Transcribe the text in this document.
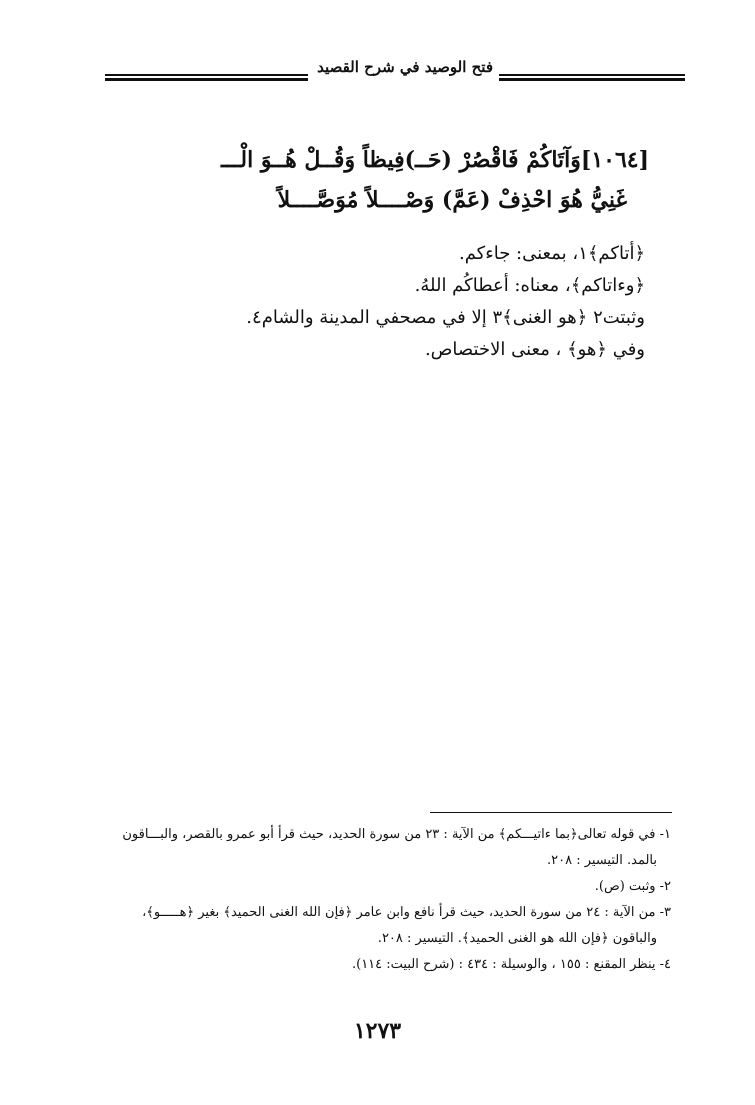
فتح الوصيد في شرح القصيد
[١٠٦٤]وَآتَاكُمْ فَاقْصُرْ (حَــ)فِيظاً وَقُــلْ هُــوَ الْـــ
غَنِيُّ هُوَ احْذِفْ (عَمَّ) وَصْــــلاً مُوَصَّــــلاً
﴿أتاكم﴾١، بمعنى: جاءكم.
﴿وءاتاكم﴾، معناه: أعطاكُم اللهُ.
وثبتت٢ ﴿هو الغنى﴾٣ إلا في مصحفي المدينة والشام٤.
وفي ﴿هو﴾ ، معنى الاختصاص.
١- في قوله تعالى﴿بما ءاتيـــكم﴾ من الآية : ٢٣ من سورة الحديد، حيث قرأ أبو عمرو بالقصر، والبـــاقون
بالمد. التيسير : ٢٠٨.
٢- وثبت (ص).
٣- من الآية : ٢٤ من سورة الحديد، حيث قرأ نافع وابن عامر ﴿فإن الله الغنى الحميد﴾ بغير ﴿هـــــو﴾،
والباقون ﴿فإن الله هو الغنى الحميد﴾. التيسير : ٢٠٨.
٤- ينظر المقنع : ١٥٥ ، والوسيلة : ٤٣٤ : (شرح البيت: ١١٤).
١٢٧٣
